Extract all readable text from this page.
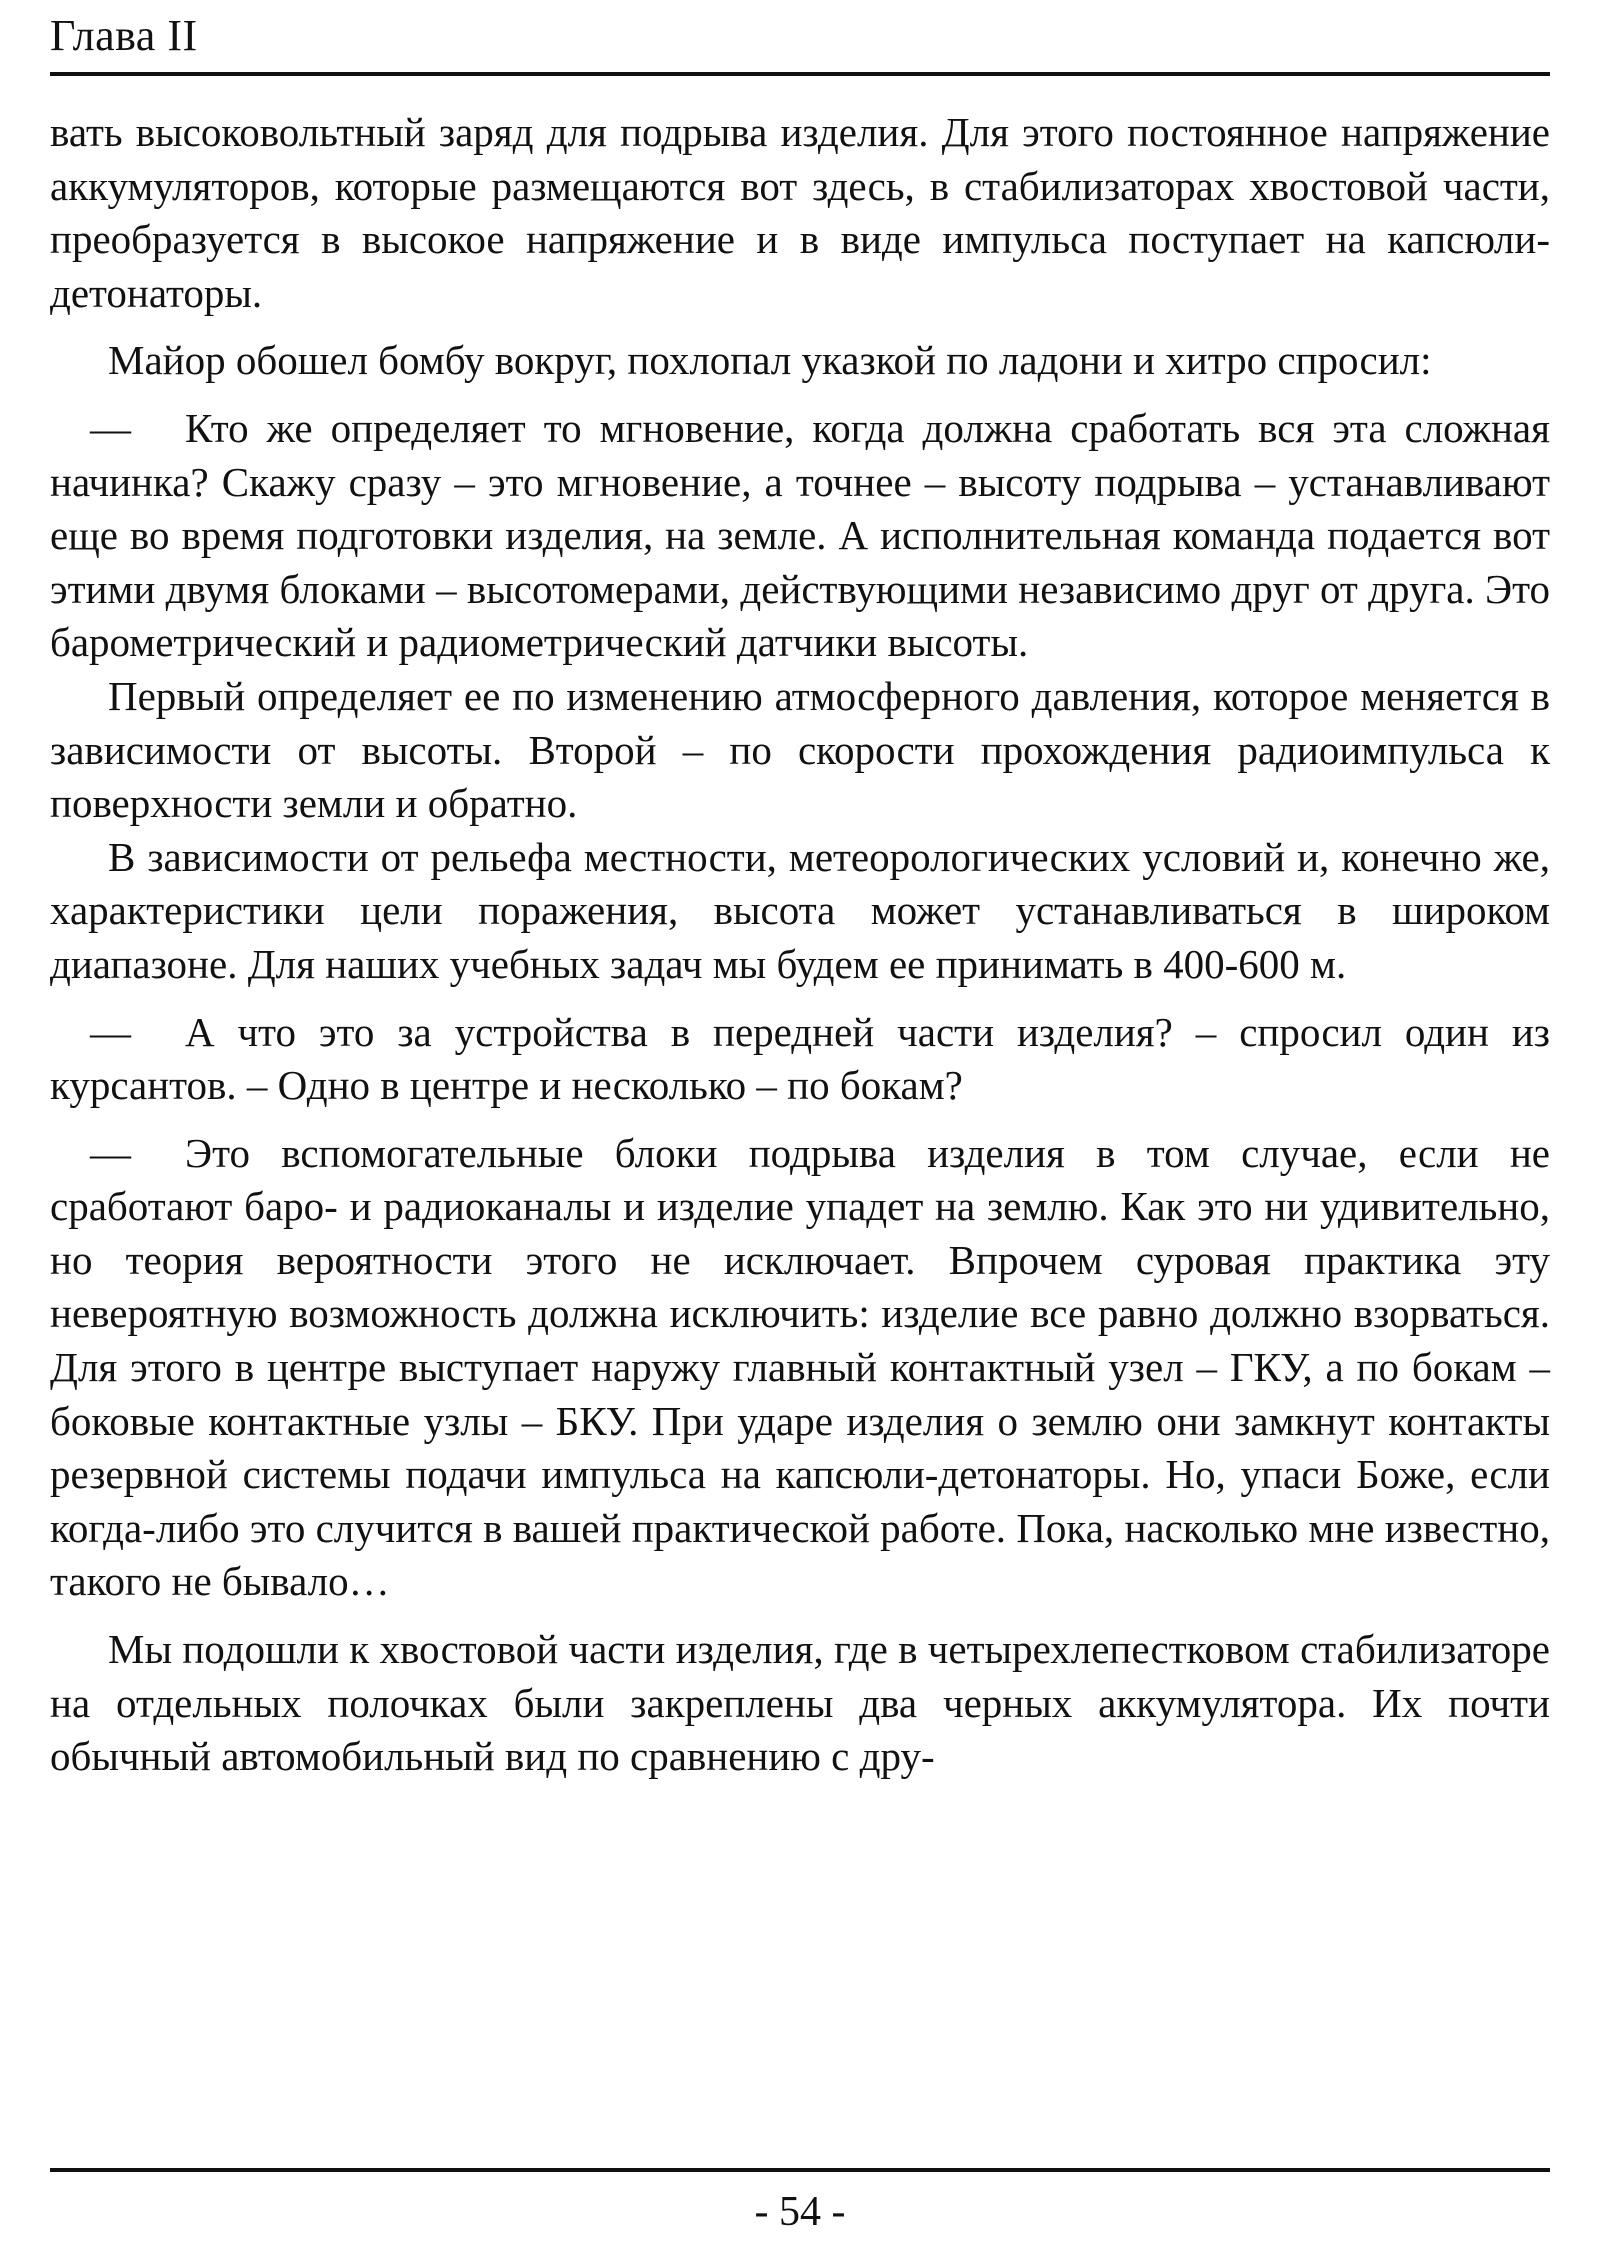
Глава II

вать высоковольтный заряд для подрыва изделия. Для этого постоянное напряжение аккумуляторов, которые размещаются вот здесь, в стабилизаторах хвостовой части, преобразуется в высокое напряжение и в виде импульса поступает на капсюли-детонаторы.

Майор обошел бомбу вокруг, похлопал указкой по ладони и хитро спросил:

— Кто же определяет то мгновение, когда должна сработать вся эта сложная начинка? Скажу сразу – это мгновение, а точнее – высоту подрыва – устанавливают еще во время подготовки изделия, на земле. А исполнительная команда подается вот этими двумя блоками – высотомерами, действующими независимо друг от друга. Это барометрический и радиометрический датчики высоты.

Первый определяет ее по изменению атмосферного давления, которое меняется в зависимости от высоты. Второй – по скорости прохождения радиоимпульса к поверхности земли и обратно.

В зависимости от рельефа местности, метеорологических условий и, конечно же, характеристики цели поражения, высота может устанавливаться в широком диапазоне. Для наших учебных задач мы будем ее принимать в 400-600 м.

— А что это за устройства в передней части изделия? – спросил один из курсантов. – Одно в центре и несколько – по бокам?

— Это вспомогательные блоки подрыва изделия в том случае, если не сработают баро- и радиоканалы и изделие упадет на землю. Как это ни удивительно, но теория вероятности этого не исключает. Впрочем суровая практика эту невероятную возможность должна исключить: изделие все равно должно взорваться. Для этого в центре выступает наружу главный контактный узел – ГКУ, а по бокам – боковые контактные узлы – БКУ. При ударе изделия о землю они замкнут контакты резервной системы подачи импульса на капсюли-детонаторы. Но, упаси Боже, если когда-либо это случится в вашей практической работе. Пока, насколько мне известно, такого не бывало…

Мы подошли к хвостовой части изделия, где в четырехлепестковом стабилизаторе на отдельных полочках были закреплены два черных аккумулятора. Их почти обычный автомобильный вид по сравнению с дру-

- 54 -
